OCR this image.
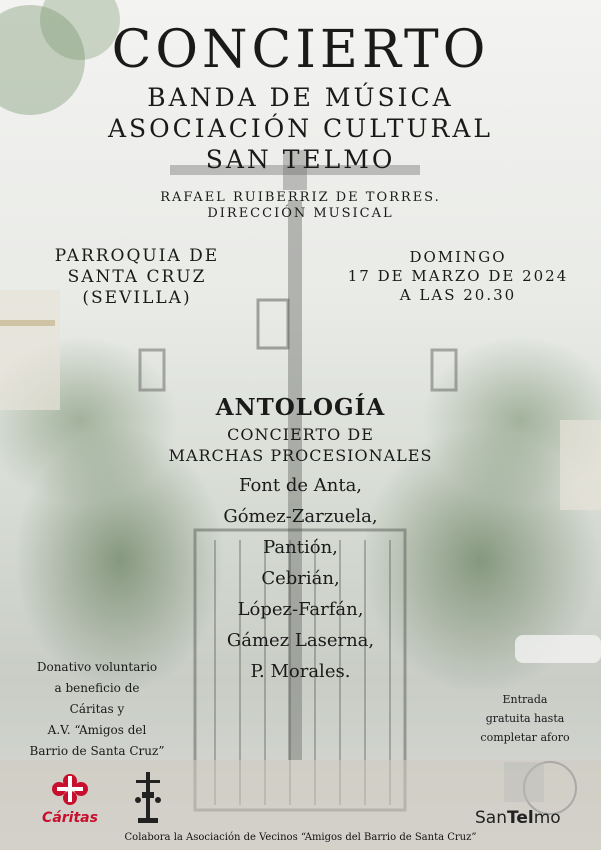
CONCIERTO
BANDA DE MÚSICA
ASOCIACIÓN CULTURAL
SAN TELMO
RAFAEL RUIBERRIZ DE TORRES.
DIRECCIÓN MUSICAL
PARROQUIA DE
SANTA CRUZ
(SEVILLA)
DOMINGO
17 DE MARZO DE 2024
A LAS 20.30
ANTOLOGÍA
CONCIERTO DE
MARCHAS PROCESIONALES
Font de Anta,
Gómez-Zarzuela,
Pantión,
Cebrián,
López-Farfán,
Gámez Laserna,
P. Morales.
Donativo voluntario
a beneficio de
Cáritas y
A.V. “Amigos del
Barrio de Santa Cruz”
Entrada
gratuita hasta
completar aforo
Cáritas	SanTelmo
Colabora la Asociación de Vecinos “Amigos del Barrio de Santa Cruz”
